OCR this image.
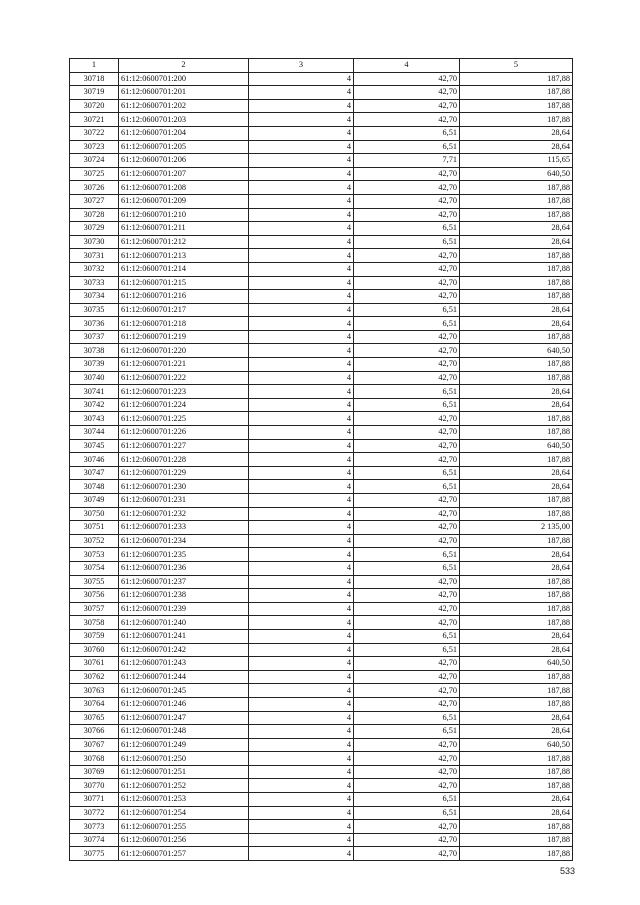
1	2	3	4	5
30718	61:12:0600701:200	4	42,70	187,88
30719	61:12:0600701:201	4	42,70	187,88
30720	61:12:0600701:202	4	42,70	187,88
30721	61:12:0600701:203	4	42,70	187,88
30722	61:12:0600701:204	4	6,51	28,64
30723	61:12:0600701:205	4	6,51	28,64
30724	61:12:0600701:206	4	7,71	115,65
30725	61:12:0600701:207	4	42,70	640,50
30726	61:12:0600701:208	4	42,70	187,88
30727	61:12:0600701:209	4	42,70	187,88
30728	61:12:0600701:210	4	42,70	187,88
30729	61:12:0600701:211	4	6,51	28,64
30730	61:12:0600701:212	4	6,51	28,64
30731	61:12:0600701:213	4	42,70	187,88
30732	61:12:0600701:214	4	42,70	187,88
30733	61:12:0600701:215	4	42,70	187,88
30734	61:12:0600701:216	4	42,70	187,88
30735	61:12:0600701:217	4	6,51	28,64
30736	61:12:0600701:218	4	6,51	28,64
30737	61:12:0600701:219	4	42,70	187,88
30738	61:12:0600701:220	4	42,70	640,50
30739	61:12:0600701:221	4	42,70	187,88
30740	61:12:0600701:222	4	42,70	187,88
30741	61:12:0600701:223	4	6,51	28,64
30742	61:12:0600701:224	4	6,51	28,64
30743	61:12:0600701:225	4	42,70	187,88
30744	61:12:0600701:226	4	42,70	187,88
30745	61:12:0600701:227	4	42,70	640,50
30746	61:12:0600701:228	4	42,70	187,88
30747	61:12:0600701:229	4	6,51	28,64
30748	61:12:0600701:230	4	6,51	28,64
30749	61:12:0600701:231	4	42,70	187,88
30750	61:12:0600701:232	4	42,70	187,88
30751	61:12:0600701:233	4	42,70	2 135,00
30752	61:12:0600701:234	4	42,70	187,88
30753	61:12:0600701:235	4	6,51	28,64
30754	61:12:0600701:236	4	6,51	28,64
30755	61:12:0600701:237	4	42,70	187,88
30756	61:12:0600701:238	4	42,70	187,88
30757	61:12:0600701:239	4	42,70	187,88
30758	61:12:0600701:240	4	42,70	187,88
30759	61:12:0600701:241	4	6,51	28,64
30760	61:12:0600701:242	4	6,51	28,64
30761	61:12:0600701:243	4	42,70	640,50
30762	61:12:0600701:244	4	42,70	187,88
30763	61:12:0600701:245	4	42,70	187,88
30764	61:12:0600701:246	4	42,70	187,88
30765	61:12:0600701:247	4	6,51	28,64
30766	61:12:0600701:248	4	6,51	28,64
30767	61:12:0600701:249	4	42,70	640,50
30768	61:12:0600701:250	4	42,70	187,88
30769	61:12:0600701:251	4	42,70	187,88
30770	61:12:0600701:252	4	42,70	187,88
30771	61:12:0600701:253	4	6,51	28,64
30772	61:12:0600701:254	4	6,51	28,64
30773	61:12:0600701:255	4	42,70	187,88
30774	61:12:0600701:256	4	42,70	187,88
30775	61:12:0600701:257	4	42,70	187,88
533
